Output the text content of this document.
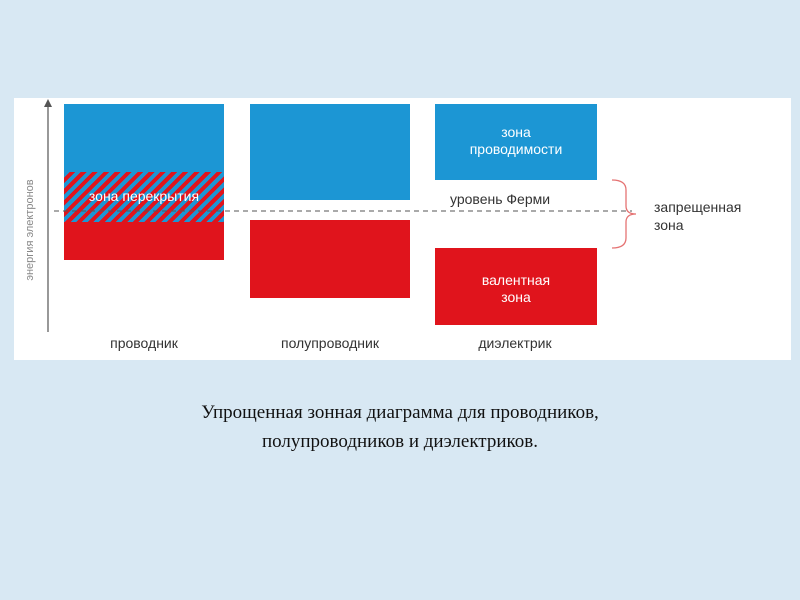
энергия электронов	зона перекрытия
зона
проводимости
валентная
зона
уровень Ферми	запрещенная
зона
проводник	полупроводник	диэлектрик
Упрощенная зонная диаграмма для проводников,
полупроводников и диэлектриков.
